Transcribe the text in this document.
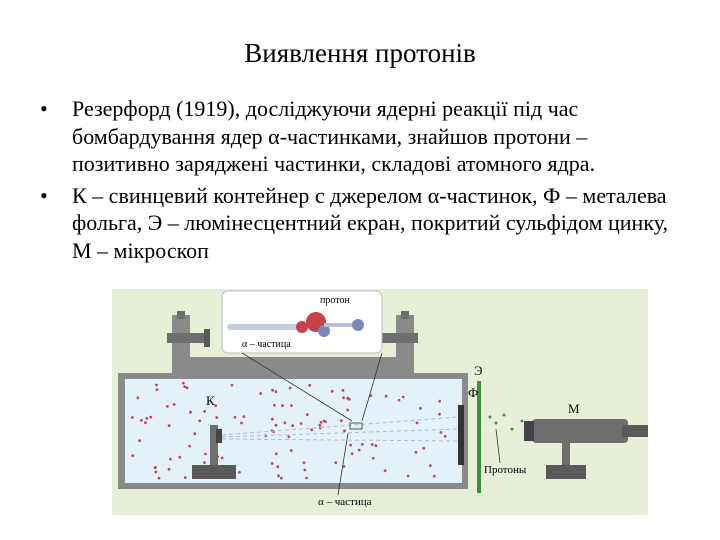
Виявлення протонів
• Резерфорд (1919), досліджуючи ядерні реакції під час бомбардування ядер α-частинками, знайшов протони – позитивно заряджені частинки, складові атомного ядра.
• К – свинцевий контейнер с джерелом α-частинок, Ф – металева фольга, Э – люмінесцентний екран, покритий сульфідом цинку, М – мікроскоп
протон
α – частица
К
Э
Ф
М
Протоны
α – частица
